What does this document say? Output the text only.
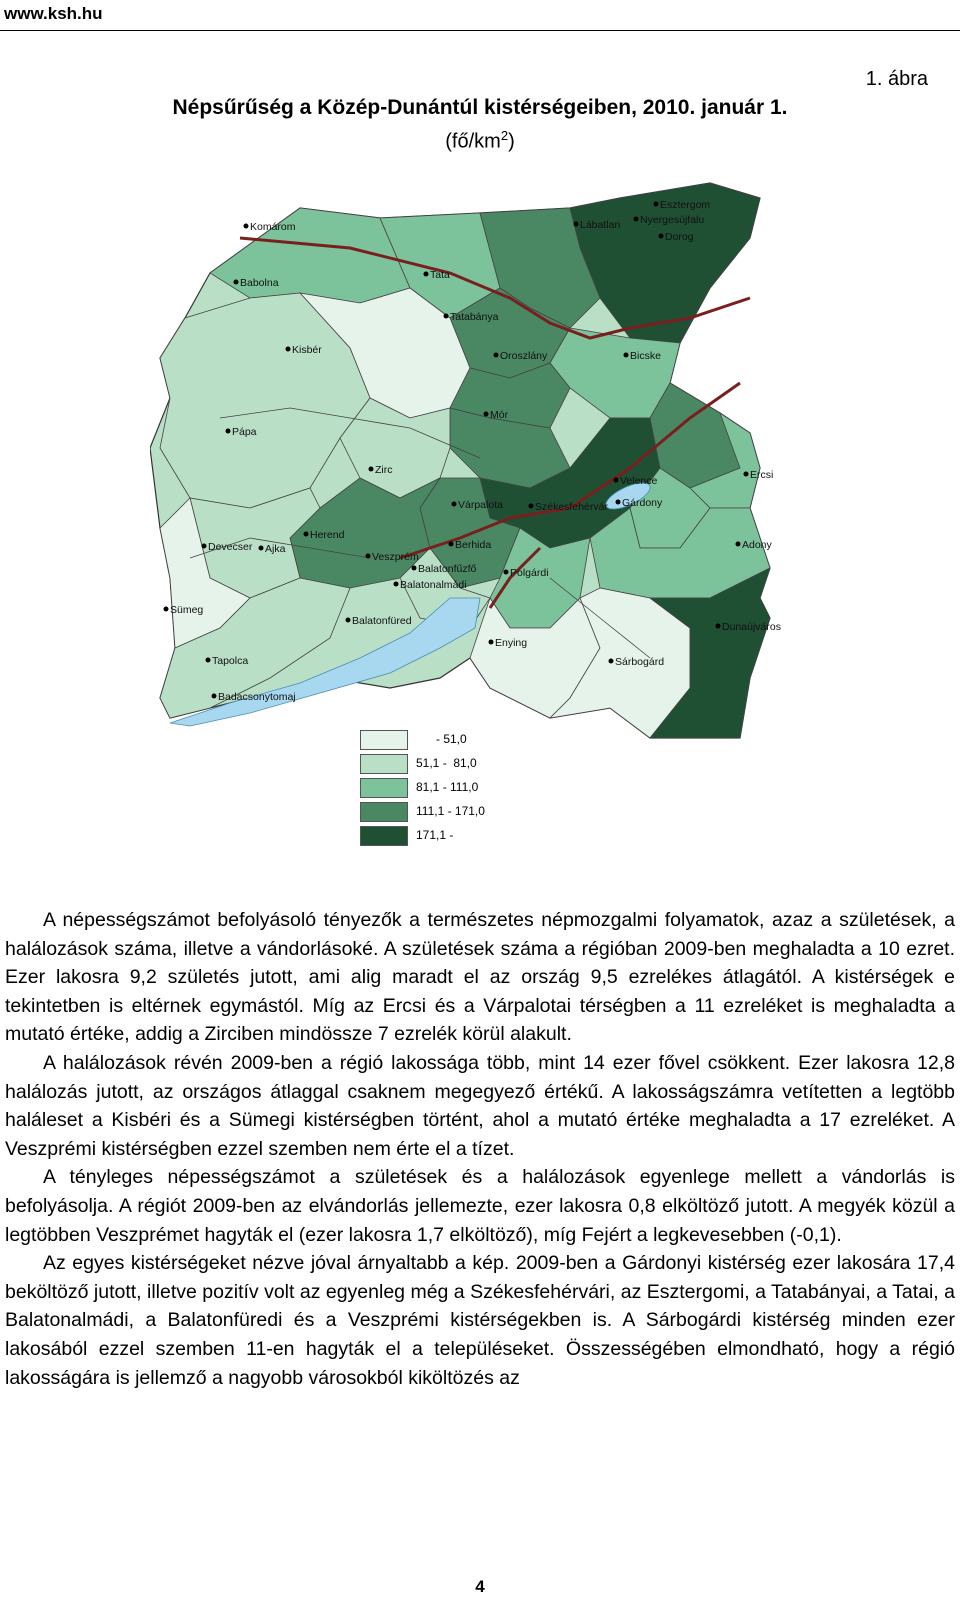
www.ksh.hu
1. ábra
Népsűrűség a Közép-Dunántúl kistérségeiben, 2010. január 1.
$(fő/km^2)$
Esztergom
Komárom	Lábatlan Nyergesújfalu
Dorog
Tata
Babolna
Tatabánya
Kisbér	Oroszlány	Bicske
Mór
Pápa
Zirc
Várpalota
Velence	Ercsi
Gárdony
Székesfehérvár
Devecser Ajka
Herend
Veszprém
Berhida
Balatonfűzfő
Balatonalmádi
Adony
Polgárdi
Sümeg
Balatonfüred
Enying
Dunaújváros
Tapolca	Sárbogárd
Badacsonytomaj
- 51,0
51,1 -  81,0
81,1 - 111,0
111,1 - 171,0
171,1 -

A népességszámot befolyásoló tényezők a természetes népmozgalmi folyamatok, azaz a születések, a halálozások száma, illetve a vándorlásoké. A születések száma a régióban 2009-ben meghaladta a 10 ezret. Ezer lakosra 9,2 születés jutott, ami alig maradt el az ország 9,5 ezrelékes átlagától. A kistérségek e tekintetben is eltérnek egymástól. Míg az Ercsi és a Várpalotai térségben a 11 ezreléket is meghaladta a mutató értéke, addig a Zirciben mindössze 7 ezrelék körül alakult.

A halálozások révén 2009-ben a régió lakossága több, mint 14 ezer fővel csökkent. Ezer lakosra 12,8 halálozás jutott, az országos átlaggal csaknem megegyező értékű. A lakosságszámra vetítetten a legtöbb haláleset a Kisbéri és a Sümegi kistérségben történt, ahol a mutató értéke meghaladta a 17 ezreléket. A Veszprémi kistérségben ezzel szemben nem érte el a tízet.

A tényleges népességszámot a születések és a halálozások egyenlege mellett a vándorlás is befolyásolja. A régiót 2009-ben az elvándorlás jellemezte, ezer lakosra 0,8 elköltöző jutott. A megyék közül a legtöbben Veszprémet hagyták el (ezer lakosra 1,7 elköltöző), míg Fejért a legkevesebben (-0,1).

Az egyes kistérségeket nézve jóval árnyaltabb a kép. 2009-ben a Gárdonyi kistérség ezer lakosára 17,4 beköltöző jutott, illetve pozitív volt az egyenleg még a Székesfehérvári, az Esztergomi, a Tatabányai, a Tatai, a Balatonalmádi, a Balatonfüredi és a Veszprémi kistérségekben is. A Sárbogárdi kistérség minden ezer lakosából ezzel szemben 11-en hagyták el a településeket. Összességében elmondható, hogy a régió lakosságára is jellemző a nagyobb városokból kiköltözés az

4
